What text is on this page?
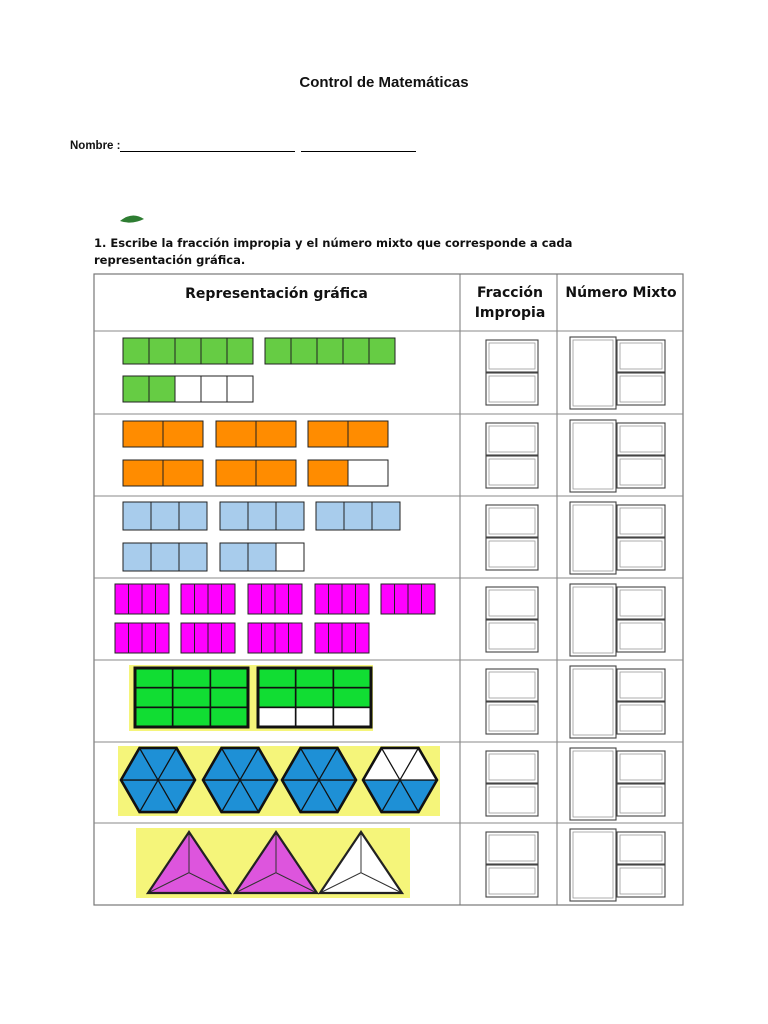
Control de Matemáticas
Nombre :
1. Escribe la fracción impropia y el número mixto que corresponde a cada representación gráfica.
Representación gráfica	Fracción Impropia
Número Mixto
